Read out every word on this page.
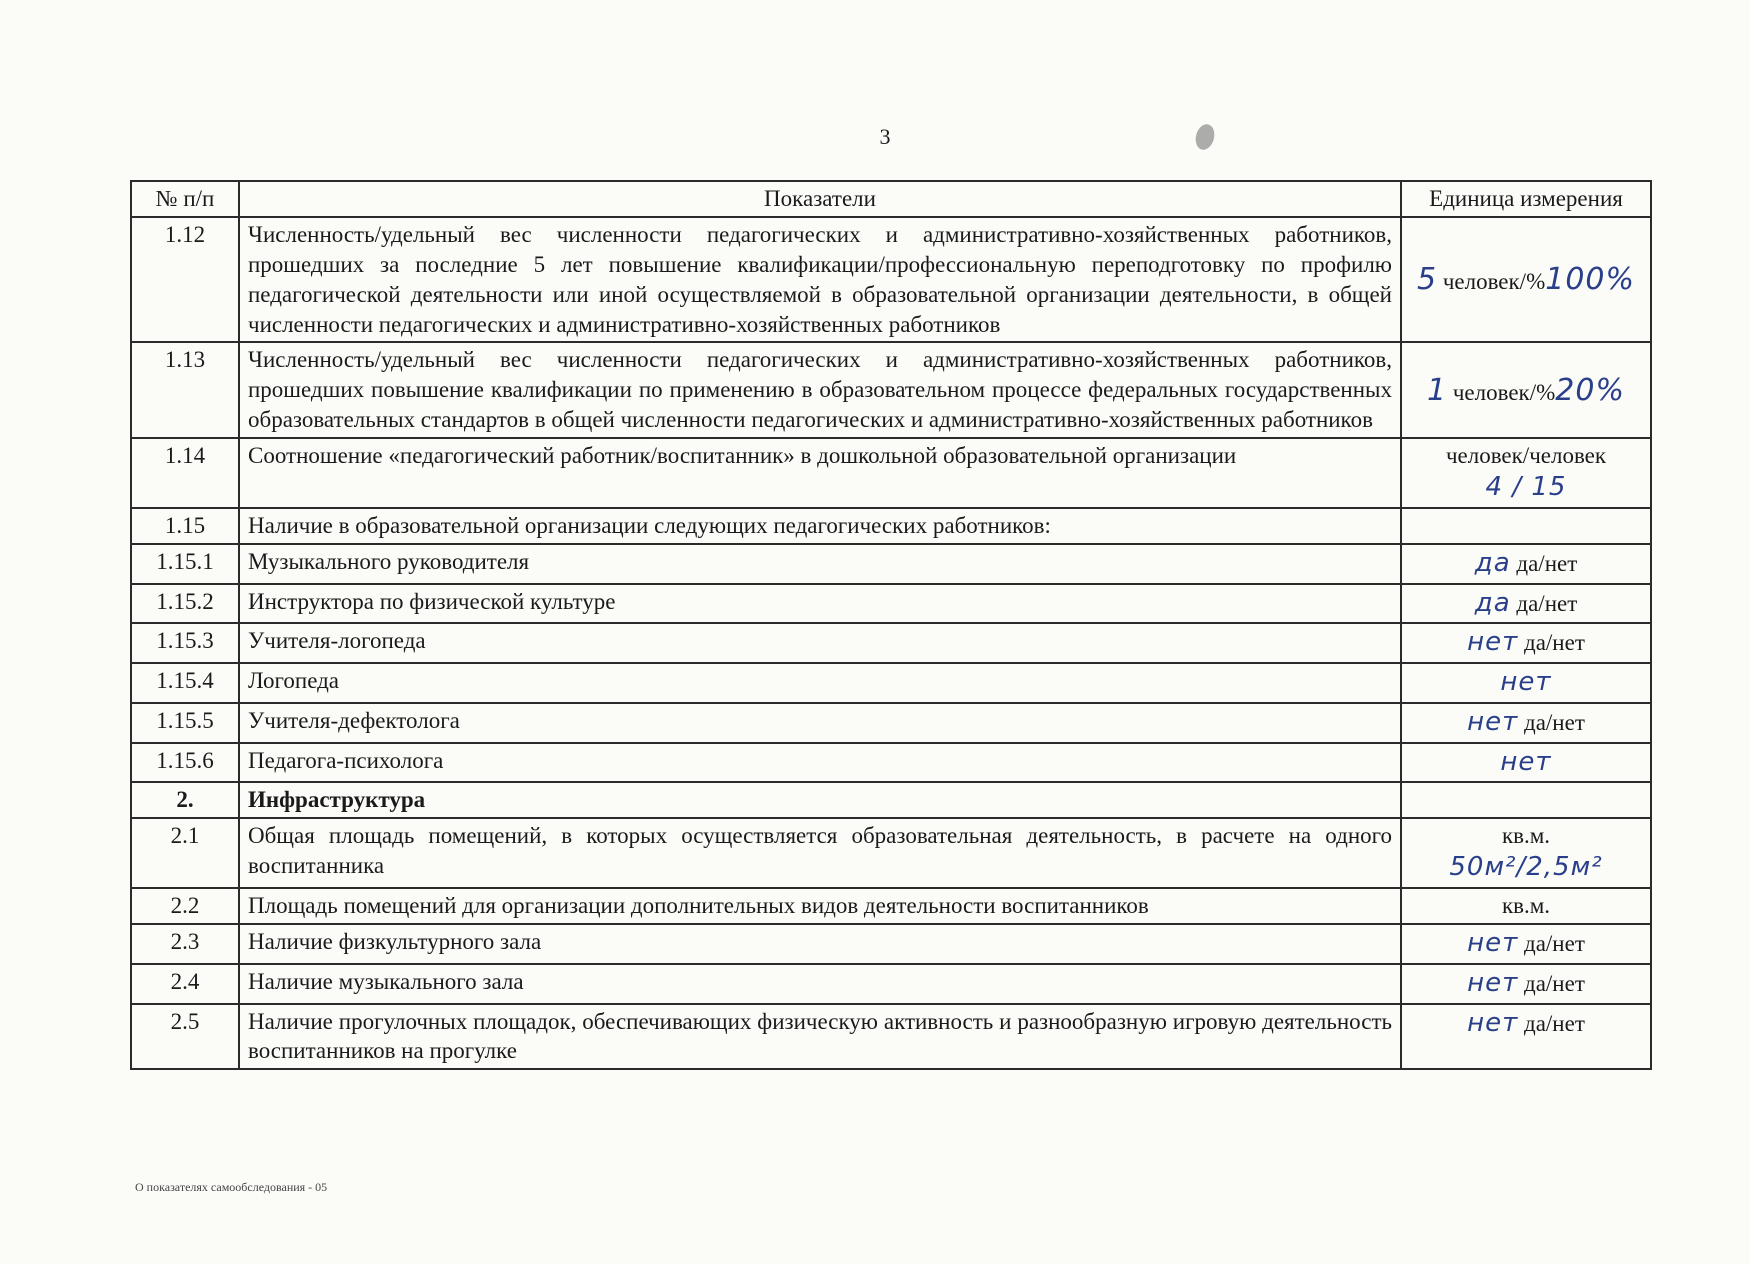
3
№ п/п	Показатели	Единица измерения
1.12	Численность/удельный вес численности педагогических и административно-хозяйственных работников, прошедших за последние 5 лет повышение квалификации/профессиональную переподготовку по профилю педагогической деятельности или иной осуществляемой в образовательной организации деятельности, в общей численности педагогических и административно-хозяйственных работников	5 человек/%100%
1.13	Численность/удельный вес численности педагогических и административно-хозяйственных работников, прошедших повышение квалификации по применению в образовательном процессе федеральных государственных образовательных стандартов в общей численности педагогических и административно-хозяйственных работников	1 человек/%20%
1.14	Соотношение «педагогический работник/воспитанник» в дошкольной образовательной организации	человек/человек
4 / 15
1.15	Наличие в образовательной организации следующих педагогических работников:	
1.15.1	Музыкального руководителя	да да/нет
1.15.2	Инструктора по физической культуре	да да/нет
1.15.3	Учителя-логопеда	нет да/нет
1.15.4	Логопеда	нет
1.15.5	Учителя-дефектолога	нет да/нет
1.15.6	Педагога-психолога	нет
2.	Инфраструктура	
2.1	Общая площадь помещений, в которых осуществляется образовательная деятельность, в расчете на одного воспитанника	кв.м.
50м²/2,5м²
2.2	Площадь помещений для организации дополнительных видов деятельности воспитанников	кв.м.
2.3	Наличие физкультурного зала	нет да/нет
2.4	Наличие музыкального зала	нет да/нет
2.5	Наличие прогулочных площадок, обеспечивающих физическую активность и разнообразную игровую деятельность воспитанников на прогулке	нет да/нет
О показателях самообследования - 05
